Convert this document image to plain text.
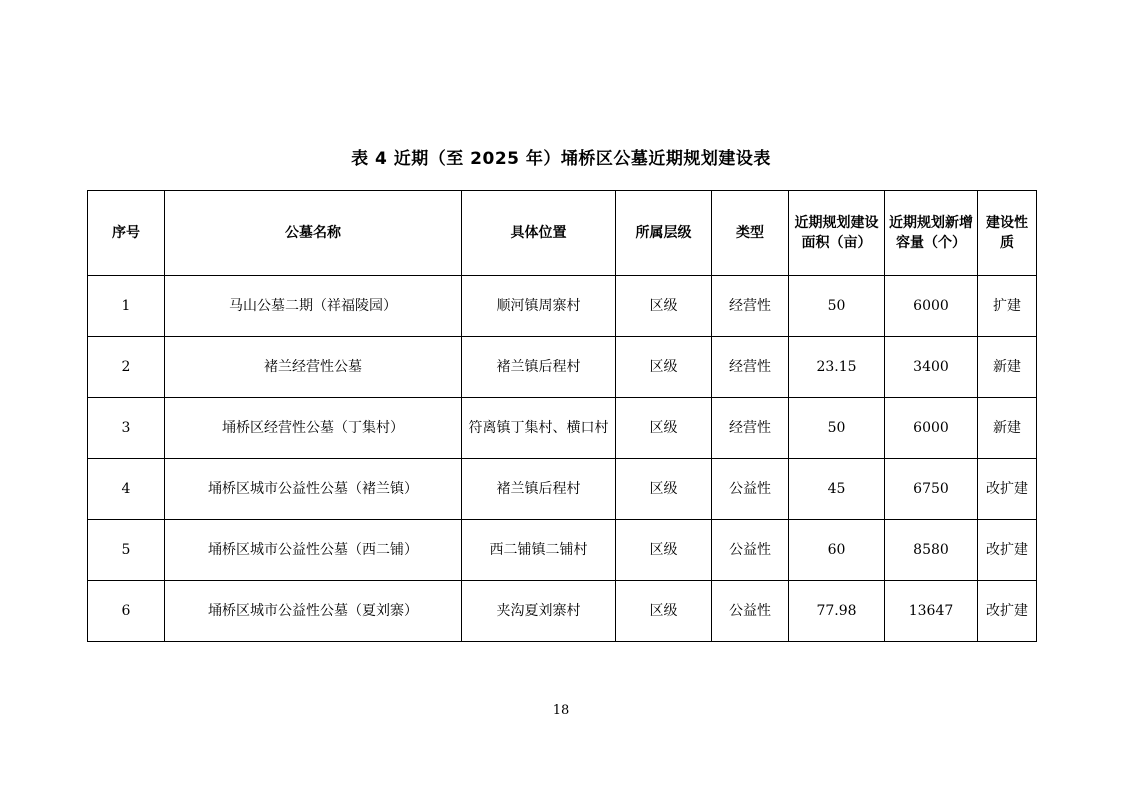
表 4 近期（至 2025 年）埇桥区公墓近期规划建设表
序号	公墓名称	具体位置	所属层级	类型	近期规划建设面积（亩）	近期规划新增容量（个）	建设性质
1	马山公墓二期（祥福陵园）	顺河镇周寨村	区级	经营性	50	6000	扩建
2	褚兰经营性公墓	褚兰镇后程村	区级	经营性	23.15	3400	新建
3	埇桥区经营性公墓（丁集村）	符离镇丁集村、横口村	区级	经营性	50	6000	新建
4	埇桥区城市公益性公墓（褚兰镇）	褚兰镇后程村	区级	公益性	45	6750	改扩建
5	埇桥区城市公益性公墓（西二铺）	西二铺镇二铺村	区级	公益性	60	8580	改扩建
6	埇桥区城市公益性公墓（夏刘寨）	夹沟夏刘寨村	区级	公益性	77.98	13647	改扩建
18
